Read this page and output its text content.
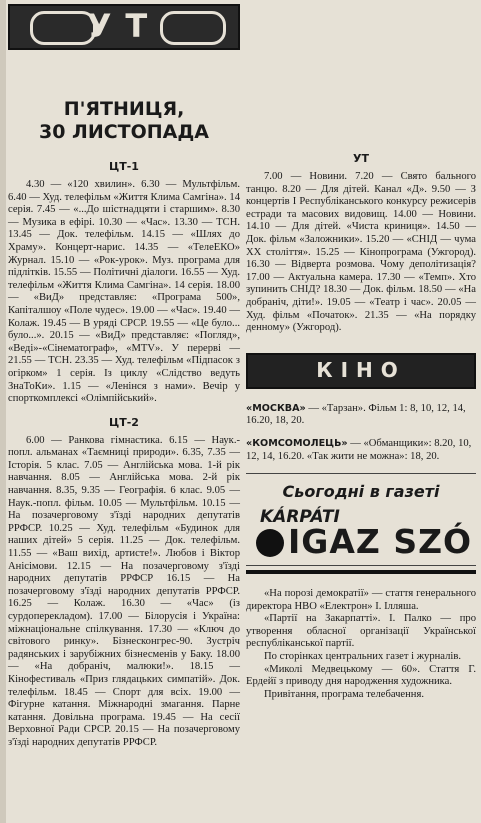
УТ
П'ЯТНИЦЯ,
30 ЛИСТОПАДА
ЦТ-1

4.30 — «120 хвилин». 6.30 — Мультфільм. 6.40 — Худ. телефільм «Життя Клима Самгіна». 14 серія. 7.45 — «...До шістнадцяти і старшим». 8.30 — Музика в ефірі. 10.30 — «Час». 13.30 — ТСН. 13.45 — Док. телефільм. 14.15 — «Шлях до Храму». Концерт-нарис. 14.35 — «ТелеЕКО» Журнал. 15.10 — «Рок-урок». Муз. програма для підлітків. 15.55 — Політичні діалоги. 16.55 — Худ. телефільм «Життя Клима Самгіна». 14 серія. 18.00 — «ВиД» представляє: «Програма 500», Капіталшоу «Поле чудес». 19.00 — «Час». 19.40 — Колаж. 19.45 — В уряді СРСР. 19.55 — «Це було... було...». 20.15 — «ВиД» представляє: «Погляд», «Веді»-«Сінематограф», «МТV». У перерві — 21.55 — ТСН. 23.35 — Худ. телефільм «Підпасок з огірком» 1 серія. Із циклу «Слідство ведуть ЗнаТоКи». 1.15 — «Ленінся з нами». Вечір у спорткомплексі «Олімпійський».

ЦТ-2

6.00 — Ранкова гімнастика. 6.15 — Наук.-попл. альманах «Таємниці природи». 6.35, 7.35 — Історія. 5 клас. 7.05 — Англійська мова. 1-й рік навчання. 8.05 — Англійська мова. 2-й рік навчання. 8.35, 9.35 — Географія. 6 клас. 9.05 — Наук.-попл. фільм. 10.05 — Мультфільм. 10.15 — На позачерговому з'їзді народних депутатів РРФСР. 10.25 — Худ. телефільм «Будинок для наших дітей» 5 серія. 11.25 — Док. телефільм. 11.55 — «Ваш вихід, артисте!». Любов і Віктор Анісімови. 12.15 — На позачерговому з'їзді народних депутатів РРФСР 16.15 — На позачерговому з'їзді народних депутатів РРФСР. 16.25 — Колаж. 16.30 — «Час» (із сурдоперекладом). 17.00 — Білорусія і Україна: міжнаціональне спілкування. 17.30 — «Ключ до світового ринку». Бізнесконгрес-90. Зустріч радянських і зарубіжних бізнесменів у Баку. 18.00 — «На добраніч, малюки!». 18.15 — Кінофестиваль «Приз глядацьких симпатій». Док. телефільм. 18.45 — Спорт для всіх. 19.00 — Фігурне катання. Міжнародні змагання. Парне катання. Довільна програма. 19.45 — На сесії Верховної Ради СРСР. 20.15 — На позачерговому з'їзді народних депутатів РРФСР.

УТ

7.00 — Новини. 7.20 — Свято бального танцю. 8.20 — Для дітей. Канал «Д». 9.50 — З концертів І Республіканського конкурсу режисерів естради та масових видовищ. 14.00 — Новини. 14.10 — Для дітей. «Чиста криниця». 14.50 — Док. фільм «Заложники». 15.20 — «СНІД — чума XX століття». 15.25 — Кінопрограма (Ужгород). 16.30 — Відверта розмова. Чому деполітизація? 17.00 — Актуальна камера. 17.30 — «Темп». Хто зупинить СНІД? 18.30 — Док. фільм. 18.50 — «На добраніч, діти!». 19.05 — «Театр і час». 20.05 — Худ. фільм «Початок». 21.35 — «На порядку денному» (Ужгород).

КІНО

«МОСКВА» — «Тарзан». Фільм 1: 8, 10, 12, 14, 16.20, 18, 20.

«КОМСОМОЛЕЦЬ» — «Обманщики»: 8.20, 10, 12, 14, 16.20. «Так жити не можна»: 18, 20.

Сьогодні в газеті
KÁRPÁTI
IGAZ SZÓ

«На порозі демократії» — стаття генерального директора НВО «Електрон» І. Ілляша.

«Партії на Закарпатті». І. Палко — про утворення обласної організації Української республіканської партії.

По сторінках центральних газет і журналів.

«Миколі Медвецькому — 60». Стаття Г. Ердейї з приводу дня народження художника.

Привітання, програма телебачення.
